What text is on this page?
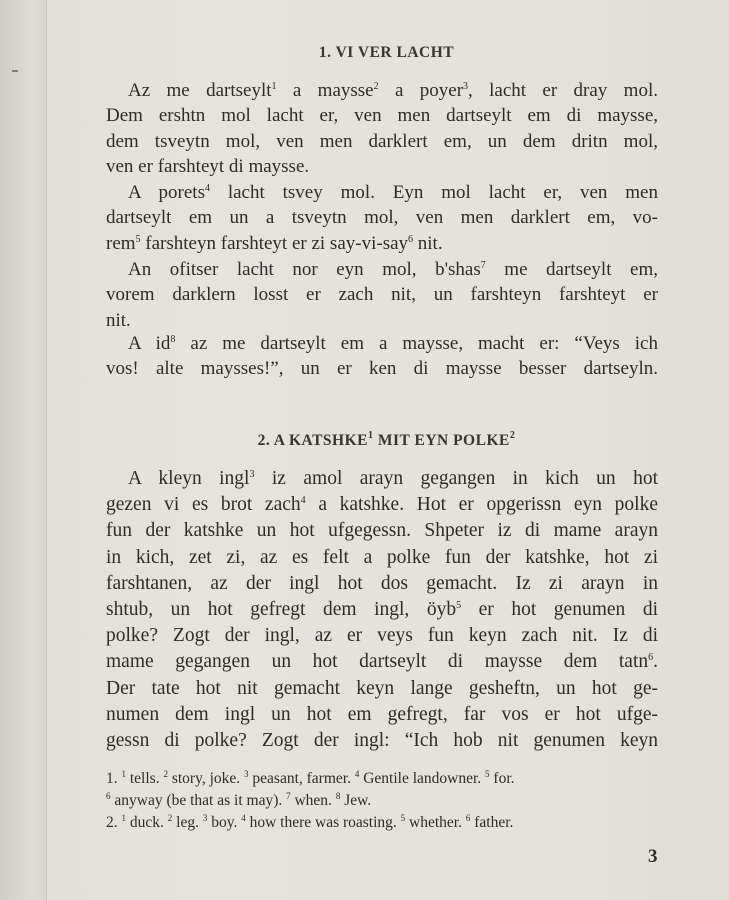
1. VI VER LACHT
Az me dartseylt$^1$ a maysse$^2$ a poyer$^3$, lacht er dray mol.
Dem ershtn mol lacht er, ven men dartseylt em di maysse,
dem tsveytn mol, ven men darklert em, un dem dritn mol,
ven er farshteyt di maysse.
A porets$^4$ lacht tsvey mol. Eyn mol lacht er, ven men
dartseylt em un a tsveytn mol, ven men darklert em, vo-
rem$^5$ farshteyn farshteyt er zi say-vi-say$^6$ nit.
An ofitser lacht nor eyn mol, b'shas$^7$ me dartseylt em,
vorem darklern losst er zach nit, un farshteyn farshteyt er
nit.
A $id^8$ az me dartseylt em a maysse, macht er: “Veys ich
vos! alte maysses!”, un er ken di maysse besser dartseyln.
2. A KATSHKE$^1$ MIT EYN POLKE$^2$
A kleyn ingl$^3$ iz amol arayn gegangen in kich un hot
gezen vi es brot zach$^4$ a katshke. Hot er opgerissn eyn polke
fun der katshke un hot ufgegessn. Shpeter iz di mame arayn
in kich, zet zi, az es felt a polke fun der katshke, hot zi
farshtanen, az der ingl hot dos gemacht. Iz zi arayn in
shtub, un hot gefregt dem ingl, öyb$^5$ er hot genumen di
polke? Zogt der ingl, az er veys fun keyn zach nit. Iz di
mame gegangen un hot dartseylt di maysse dem tatn$^6$.
Der tate hot nit gemacht keyn lange gesheftn, un hot ge-
numen dem ingl un hot em gefregt, far vos er hot ufge-
gessn di polke? Zogt der ingl: “Ich hob nit genumen keyn
1. $^1$ tells. $^2$ story, joke. $^3$ peasant, farmer. $^4$ Gentile landowner. $^5$ for.
$^6$ anyway (be that as it may). $^7$ when. $^8$ Jew.
2. $^1$ duck. $^2$ leg. $^3$ boy. $^4$ how there was roasting. $^5$ whether. $^6$ father.
3
